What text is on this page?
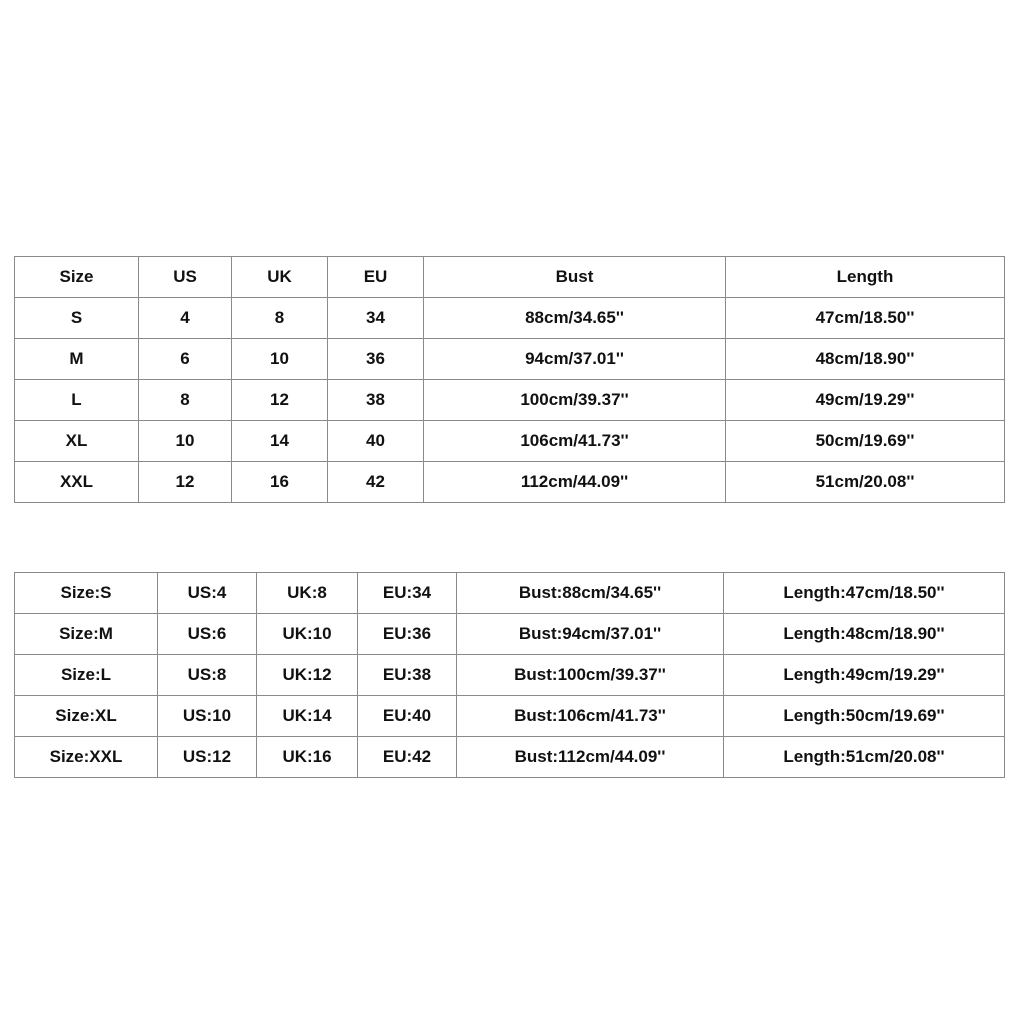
Size	US	UK	EU	Bust	Length
S	4	8	34	88cm/34.65''	47cm/18.50''
M	6	10	36	94cm/37.01''	48cm/18.90''
L	8	12	38	100cm/39.37''	49cm/19.29''
XL	10	14	40	106cm/41.73''	50cm/19.69''
XXL	12	16	42	112cm/44.09''	51cm/20.08''
Size:S	US:4	UK:8	EU:34	Bust:88cm/34.65''	Length:47cm/18.50''
Size:M	US:6	UK:10	EU:36	Bust:94cm/37.01''	Length:48cm/18.90''
Size:L	US:8	UK:12	EU:38	Bust:100cm/39.37''	Length:49cm/19.29''
Size:XL	US:10	UK:14	EU:40	Bust:106cm/41.73''	Length:50cm/19.69''
Size:XXL	US:12	UK:16	EU:42	Bust:112cm/44.09''	Length:51cm/20.08''
